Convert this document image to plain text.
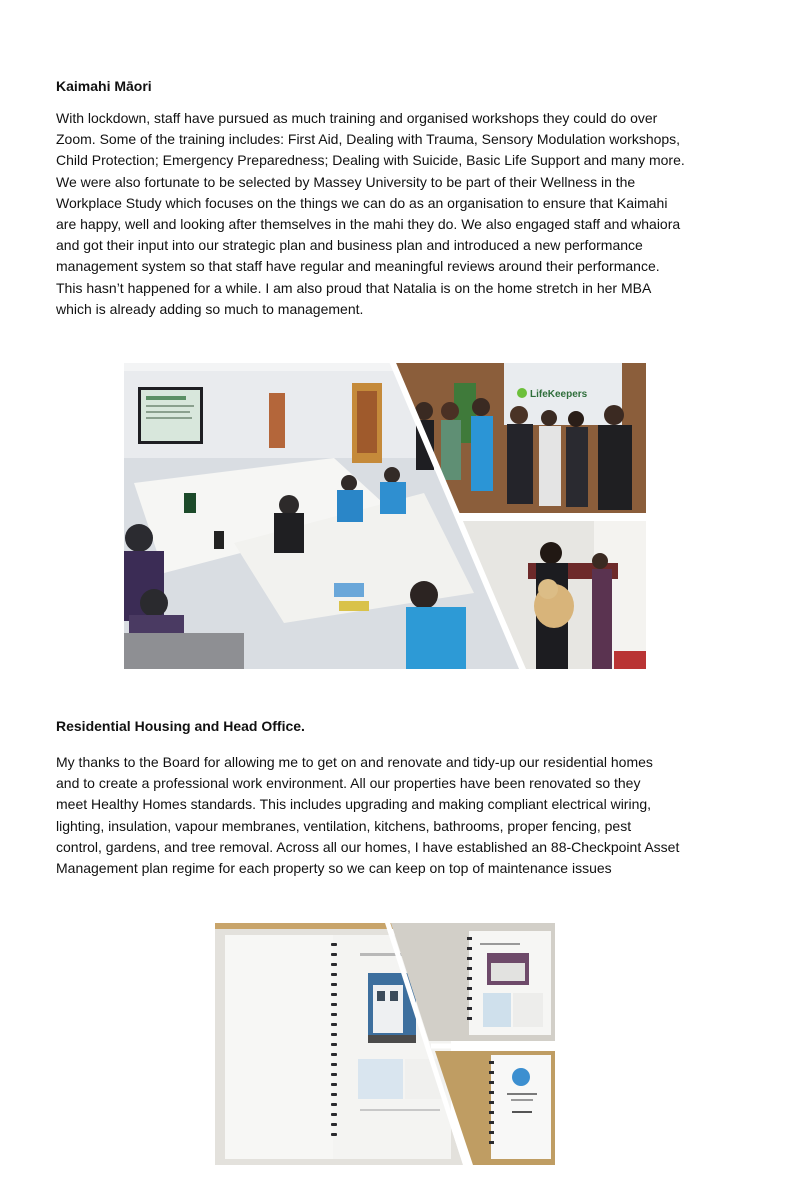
Kaimahi Māori
With lockdown, staff have pursued as much training and organised workshops they could do over
Zoom. Some of the training includes: First Aid, Dealing with Trauma, Sensory Modulation workshops,
Child Protection; Emergency Preparedness; Dealing with Suicide, Basic Life Support and many more.
We were also fortunate to be selected by Massey University to be part of their Wellness in the
Workplace Study which focuses on the things we can do as an organisation to ensure that Kaimahi
are happy, well and looking after themselves in the mahi they do. We also engaged staff and whaiora
and got their input into our strategic plan and business plan and introduced a new performance
management system so that staff have regular and meaningful reviews around their performance.
This hasn’t happened for a while. I am also proud that Natalia is on the home stretch in her MBA
which is already adding so much to management.
LifeKeepers
Residential Housing and Head Office.
My thanks to the Board for allowing me to get on and renovate and tidy-up our residential homes
and to create a professional work environment. All our properties have been renovated so they
meet Healthy Homes standards. This includes upgrading and making compliant electrical wiring,
lighting, insulation, vapour membranes, ventilation, kitchens, bathrooms, proper fencing, pest
control, gardens, and tree removal. Across all our homes, I have established an 88-Checkpoint Asset
Management plan regime for each property so we can keep on top of maintenance issues
